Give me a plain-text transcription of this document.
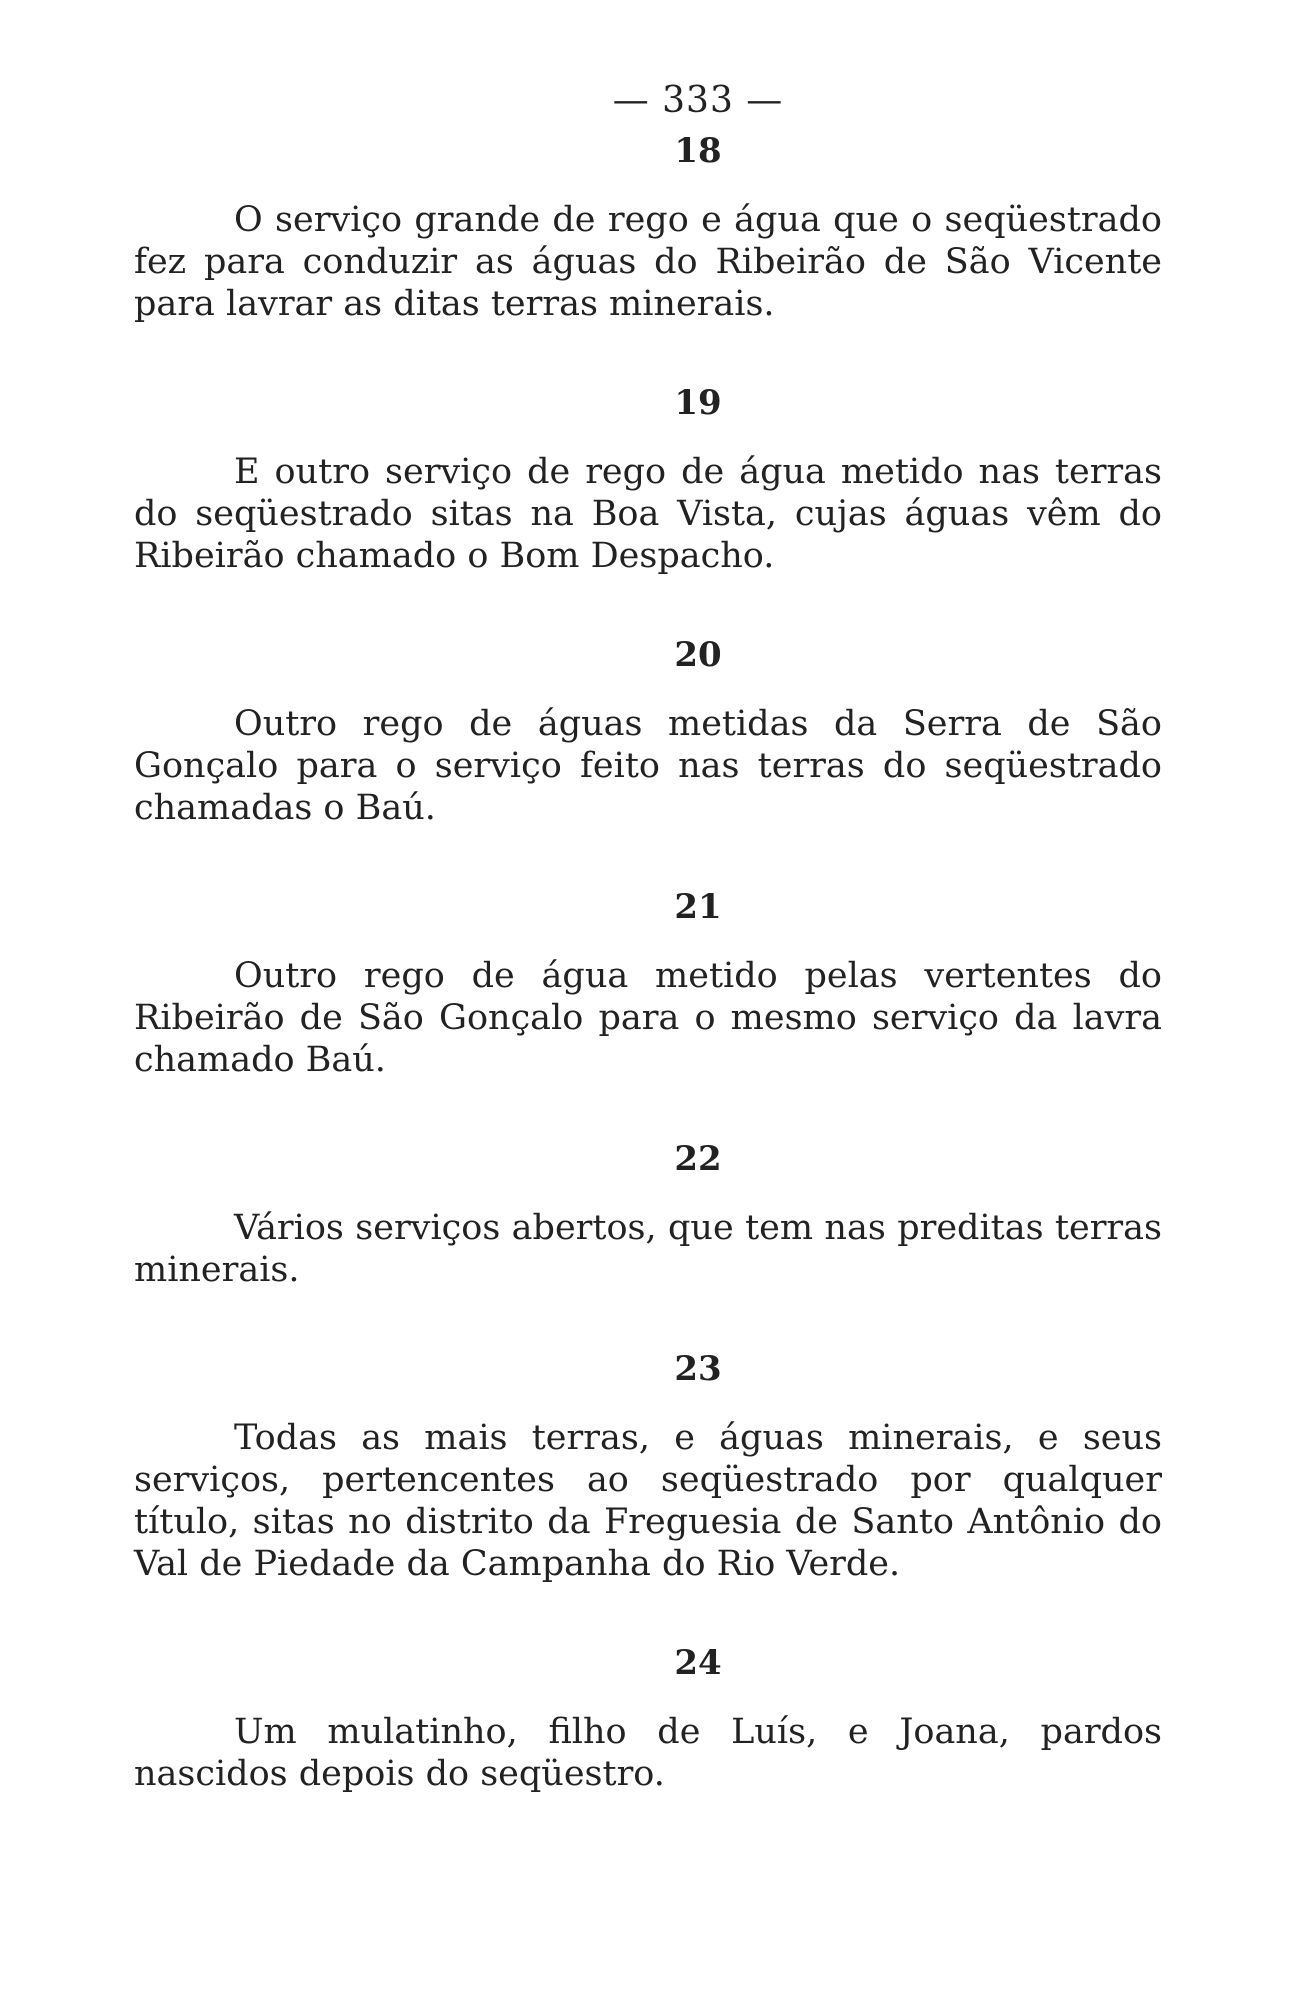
— 333 —
18

O serviço grande de rego e água que o seqüestrado fez para conduzir as águas do Ribeirão de São Vicente para lavrar as ditas terras minerais.

19

E outro serviço de rego de água metido nas terras do seqüestrado sitas na Boa Vista, cujas águas vêm do Ribeirão chamado o Bom Despacho.

20

Outro rego de águas metidas da Serra de São Gonçalo para o serviço feito nas terras do seqüestrado chamadas o Baú.

21

Outro rego de água metido pelas vertentes do Ribeirão de São Gonçalo para o mesmo serviço da lavra chamado Baú.

22

Vários serviços abertos, que tem nas preditas terras minerais.

23

Todas as mais terras, e águas minerais, e seus serviços, pertencentes ao seqüestrado por qualquer título, sitas no distrito da Freguesia de Santo Antônio do Val de Piedade da Campanha do Rio Verde.

24

Um mulatinho, filho de Luís, e Joana, pardos nascidos depois do seqüestro.
